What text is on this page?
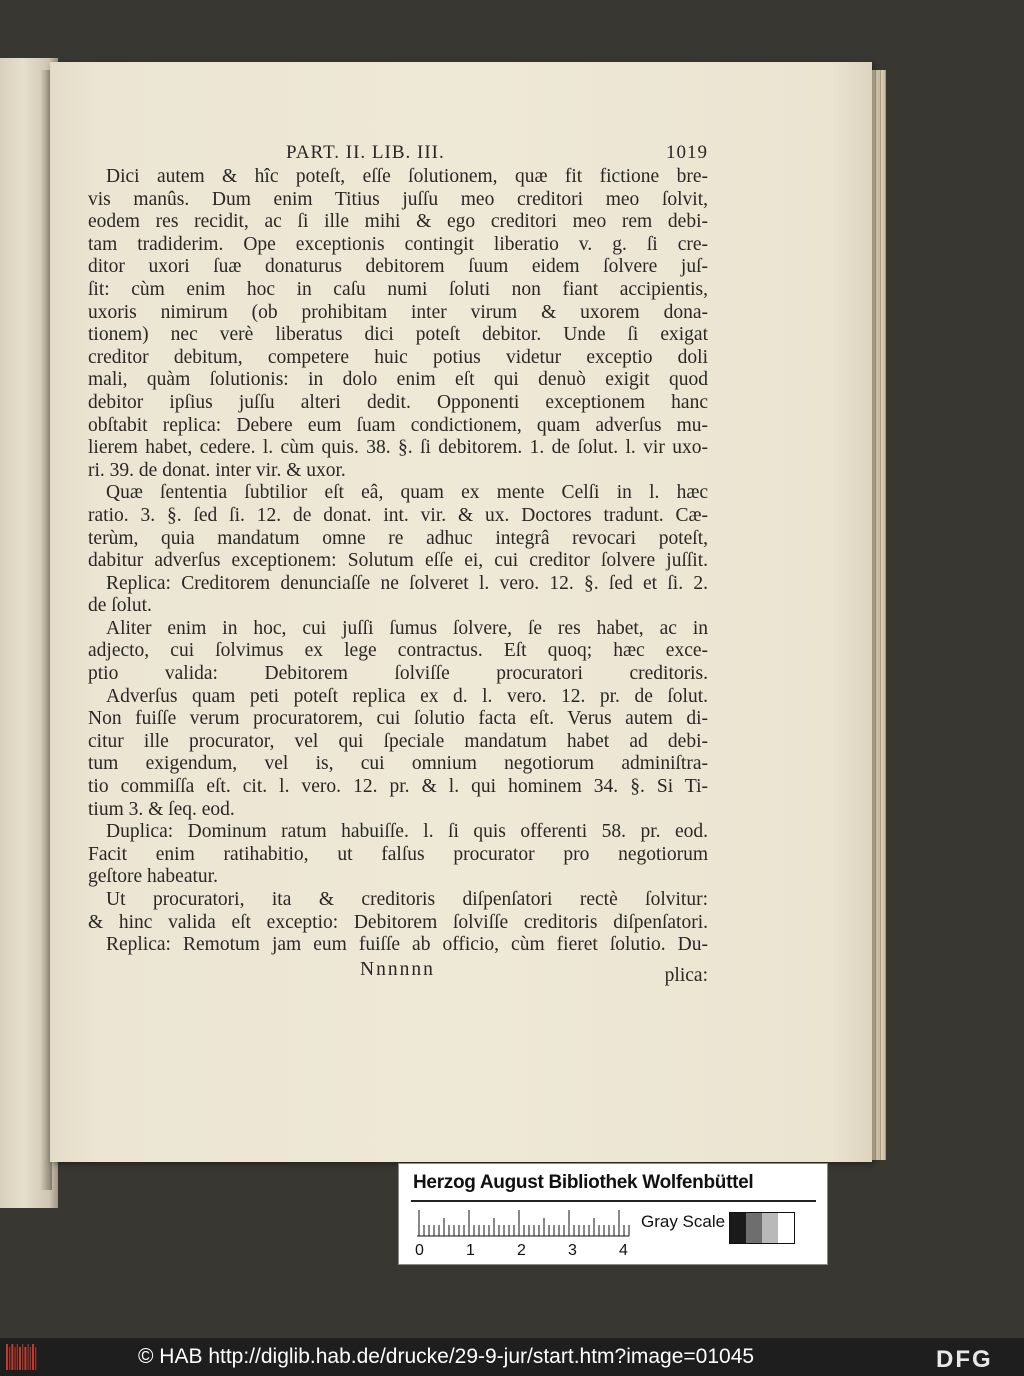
PART. II. LIB. III.	1019
Dici autem & hîc poteſt, eſſe ſolutionem, quæ fit fictione bre-
vis manûs. Dum enim Titius juſſu meo creditori meo ſolvit,
eodem res recidit, ac ſi ille mihi & ego creditori meo rem debi-
tam tradiderim. Ope exceptionis contingit liberatio v. g. ſi cre-
ditor uxori ſuæ donaturus debitorem ſuum eidem ſolvere juſ-
ſit: cùm enim hoc in caſu numi ſoluti non fiant accipientis,
uxoris nimirum (ob prohibitam inter virum & uxorem dona-
tionem) nec verè liberatus dici poteſt debitor. Unde ſi exigat
creditor debitum, competere huic potius videtur exceptio doli
mali, quàm ſolutionis: in dolo enim eſt qui denuò exigit quod
debitor ipſius juſſu alteri dedit. Opponenti exceptionem hanc
obſtabit replica: Debere eum ſuam condictionem, quam adverſus mu-
lierem habet, cedere. l. cùm quis. 38. §. ſi debitorem. 1. de ſolut. l. vir uxo-
ri. 39. de donat. inter vir. & uxor.
Quæ ſententia ſubtilior eſt eâ, quam ex mente Celſi in l. hæc
ratio. 3. §. ſed ſi. 12. de donat. int. vir. & ux. Doctores tradunt. Cæ-
terùm, quia mandatum omne re adhuc integrâ revocari poteſt,
dabitur adverſus exceptionem: Solutum eſſe ei, cui creditor ſolvere juſſit.
Replica: Creditorem denunciaſſe ne ſolveret l. vero. 12. §. ſed et ſi. 2.
de ſolut.
Aliter enim in hoc, cui juſſi ſumus ſolvere, ſe res habet, ac in
adjecto, cui ſolvimus ex lege contractus. Eſt quoq; hæc exce-
ptio valida: Debitorem ſolviſſe procuratori creditoris.
Adverſus quam peti poteſt replica ex d. l. vero. 12. pr. de ſolut.
Non fuiſſe verum procuratorem, cui ſolutio facta eſt. Verus autem di-
citur ille procurator, vel qui ſpeciale mandatum habet ad debi-
tum exigendum, vel is, cui omnium negotiorum adminiſtra-
tio commiſſa eſt. cit. l. vero. 12. pr. & l. qui hominem 34. §. Si Ti-
tium 3. & ſeq. eod.
Duplica: Dominum ratum habuiſſe. l. ſi quis offerenti 58. pr. eod.
Facit enim ratihabitio, ut falſus procurator pro negotiorum
geſtore habeatur.
Ut procuratori, ita & creditoris diſpenſatori rectè ſolvitur:
& hinc valida eſt exceptio: Debitorem ſolviſſe creditoris diſpenſatori.
Replica: Remotum jam eum fuiſſe ab officio, cùm fieret ſolutio. Du-
Nnnnnn	plica:
Herzog August Bibliothek Wolfenbüttel
Gray Scale
0	1	2	3	4
© HAB http://diglib.hab.de/drucke/29-9-jur/start.htm?image=01045	DFG
